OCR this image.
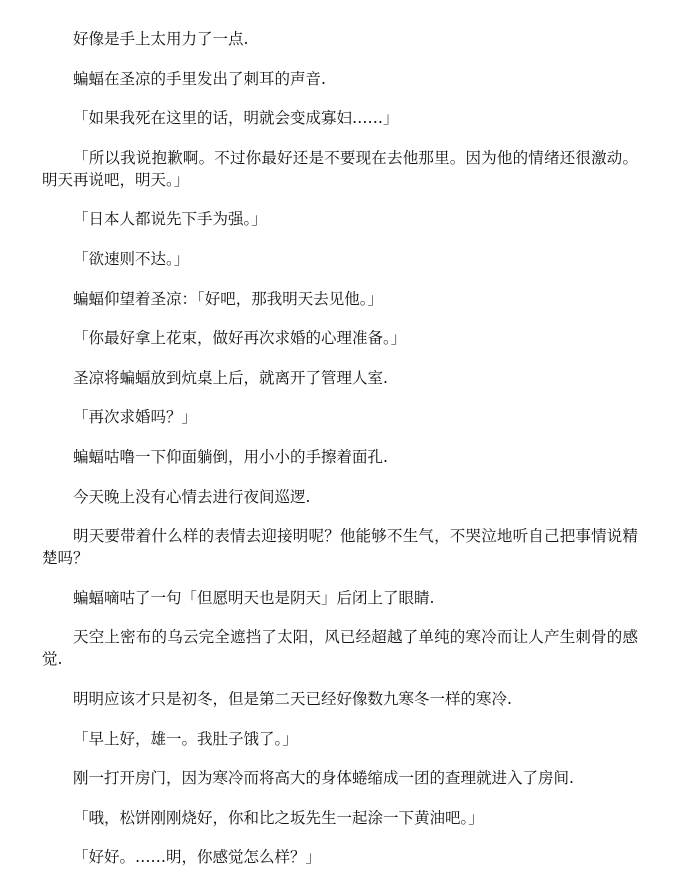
好像是手上太用力了一点.

蝙蝠在圣凉的手里发出了刺耳的声音.

「如果我死在这里的话，明就会变成寡妇……」

「所以我说抱歉啊。不过你最好还是不要现在去他那里。因为他的情绪还很激动。明天再说吧，明天。」

「日本人都说先下手为强。」

「欲速则不达。」

蝙蝠仰望着圣凉：「好吧，那我明天去见他。」

「你最好拿上花束，做好再次求婚的心理准备。」

圣凉将蝙蝠放到炕桌上后，就离开了管理人室.

「再次求婚吗？」

蝙蝠咕噜一下仰面躺倒，用小小的手擦着面孔.

今天晚上没有心情去进行夜间巡逻.

明天要带着什么样的表情去迎接明呢？他能够不生气，不哭泣地听自己把事情说精楚吗？

蝙蝠嘀咕了一句「但愿明天也是阴天」后闭上了眼睛.

天空上密布的乌云完全遮挡了太阳，风已经超越了单纯的寒冷而让人产生刺骨的感觉.

明明应该才只是初冬，但是第二天已经好像数九寒冬一样的寒冷.

「早上好，雄一。我肚子饿了。」

刚一打开房门，因为寒冷而将高大的身体蜷缩成一团的查理就进入了房间.

「哦，松饼刚刚烧好，你和比之坂先生一起涂一下黄油吧。」

「好好。……明，你感觉怎么样？」
